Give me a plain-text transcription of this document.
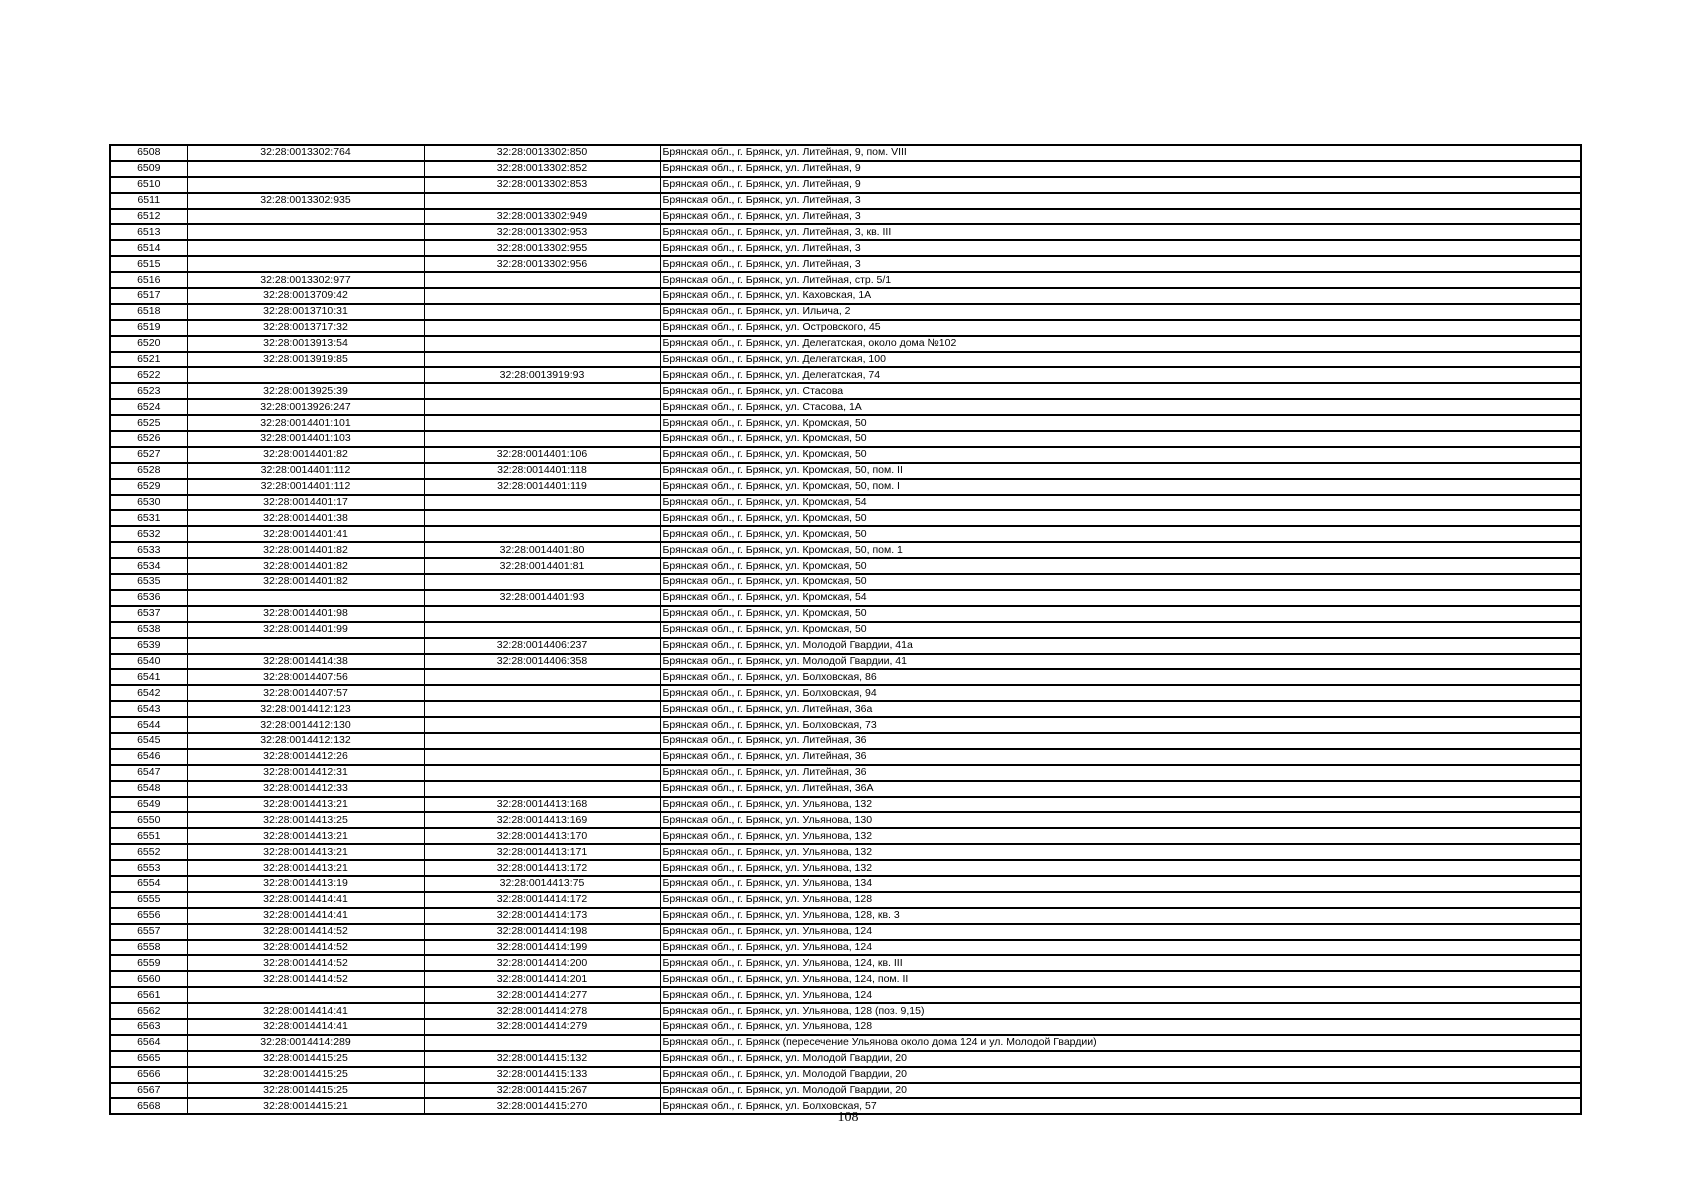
6508	32:28:0013302:764	32:28:0013302:850	Брянская обл., г. Брянск, ул. Литейная, 9, пом. VIII
6509		32:28:0013302:852	Брянская обл., г. Брянск, ул. Литейная, 9
6510		32:28:0013302:853	Брянская обл., г. Брянск, ул. Литейная, 9
6511	32:28:0013302:935		Брянская обл., г. Брянск, ул. Литейная, 3
6512		32:28:0013302:949	Брянская обл., г. Брянск, ул. Литейная, 3
6513		32:28:0013302:953	Брянская обл., г. Брянск, ул. Литейная, 3, кв. III
6514		32:28:0013302:955	Брянская обл., г. Брянск, ул. Литейная, 3
6515		32:28:0013302:956	Брянская обл., г. Брянск, ул. Литейная, 3
6516	32:28:0013302:977		Брянская обл., г. Брянск, ул. Литейная, стр. 5/1
6517	32:28:0013709:42		Брянская обл., г. Брянск, ул. Каховская, 1А
6518	32:28:0013710:31		Брянская обл., г. Брянск, ул. Ильича, 2
6519	32:28:0013717:32		Брянская обл., г. Брянск, ул. Островского, 45
6520	32:28:0013913:54		Брянская обл., г. Брянск, ул. Делегатская, около дома №102
6521	32:28:0013919:85		Брянская обл., г. Брянск, ул. Делегатская, 100
6522		32:28:0013919:93	Брянская обл., г. Брянск, ул. Делегатская, 74
6523	32:28:0013925:39		Брянская обл., г. Брянск, ул. Стасова
6524	32:28:0013926:247		Брянская обл., г. Брянск, ул. Стасова, 1А
6525	32:28:0014401:101		Брянская обл., г. Брянск, ул. Кромская, 50
6526	32:28:0014401:103		Брянская обл., г. Брянск, ул. Кромская, 50
6527	32:28:0014401:82	32:28:0014401:106	Брянская обл., г. Брянск, ул. Кромская, 50
6528	32:28:0014401:112	32:28:0014401:118	Брянская обл., г. Брянск, ул. Кромская, 50, пом. II
6529	32:28:0014401:112	32:28:0014401:119	Брянская обл., г. Брянск, ул. Кромская, 50, пом. I
6530	32:28:0014401:17		Брянская обл., г. Брянск, ул. Кромская, 54
6531	32:28:0014401:38		Брянская обл., г. Брянск, ул. Кромская, 50
6532	32:28:0014401:41		Брянская обл., г. Брянск, ул. Кромская, 50
6533	32:28:0014401:82	32:28:0014401:80	Брянская обл., г. Брянск, ул. Кромская, 50, пом. 1
6534	32:28:0014401:82	32:28:0014401:81	Брянская обл., г. Брянск, ул. Кромская, 50
6535	32:28:0014401:82		Брянская обл., г. Брянск, ул. Кромская, 50
6536		32:28:0014401:93	Брянская обл., г. Брянск, ул. Кромская, 54
6537	32:28:0014401:98		Брянская обл., г. Брянск, ул. Кромская, 50
6538	32:28:0014401:99		Брянская обл., г. Брянск, ул. Кромская, 50
6539		32:28:0014406:237	Брянская обл., г. Брянск, ул. Молодой Гвардии, 41а
6540	32:28:0014414:38	32:28:0014406:358	Брянская обл., г. Брянск, ул. Молодой Гвардии, 41
6541	32:28:0014407:56		Брянская обл., г. Брянск, ул. Болховская, 86
6542	32:28:0014407:57		Брянская обл., г. Брянск, ул. Болховская, 94
6543	32:28:0014412:123		Брянская обл., г. Брянск, ул. Литейная, 36а
6544	32:28:0014412:130		Брянская обл., г. Брянск, ул. Болховская, 73
6545	32:28:0014412:132		Брянская обл., г. Брянск, ул. Литейная, 36
6546	32:28:0014412:26		Брянская обл., г. Брянск, ул. Литейная, 36
6547	32:28:0014412:31		Брянская обл., г. Брянск, ул. Литейная, 36
6548	32:28:0014412:33		Брянская обл., г. Брянск, ул. Литейная, 36А
6549	32:28:0014413:21	32:28:0014413:168	Брянская обл., г. Брянск, ул. Ульянова, 132
6550	32:28:0014413:25	32:28:0014413:169	Брянская обл., г. Брянск, ул. Ульянова, 130
6551	32:28:0014413:21	32:28:0014413:170	Брянская обл., г. Брянск, ул. Ульянова, 132
6552	32:28:0014413:21	32:28:0014413:171	Брянская обл., г. Брянск, ул. Ульянова, 132
6553	32:28:0014413:21	32:28:0014413:172	Брянская обл., г. Брянск, ул. Ульянова, 132
6554	32:28:0014413:19	32:28:0014413:75	Брянская обл., г. Брянск, ул. Ульянова, 134
6555	32:28:0014414:41	32:28:0014414:172	Брянская обл., г. Брянск, ул. Ульянова, 128
6556	32:28:0014414:41	32:28:0014414:173	Брянская обл., г. Брянск, ул. Ульянова, 128, кв. 3
6557	32:28:0014414:52	32:28:0014414:198	Брянская обл., г. Брянск, ул. Ульянова, 124
6558	32:28:0014414:52	32:28:0014414:199	Брянская обл., г. Брянск, ул. Ульянова, 124
6559	32:28:0014414:52	32:28:0014414:200	Брянская обл., г. Брянск, ул. Ульянова, 124, кв. III
6560	32:28:0014414:52	32:28:0014414:201	Брянская обл., г. Брянск, ул. Ульянова, 124, пом. II
6561		32:28:0014414:277	Брянская обл., г. Брянск, ул. Ульянова, 124
6562	32:28:0014414:41	32:28:0014414:278	Брянская обл., г. Брянск, ул. Ульянова, 128 (поз. 9,15)
6563	32:28:0014414:41	32:28:0014414:279	Брянская обл., г. Брянск, ул. Ульянова, 128
6564	32:28:0014414:289		Брянская обл., г. Брянск (пересечение Ульянова около дома 124 и ул. Молодой Гвардии)
6565	32:28:0014415:25	32:28:0014415:132	Брянская обл., г. Брянск, ул. Молодой Гвардии, 20
6566	32:28:0014415:25	32:28:0014415:133	Брянская обл., г. Брянск, ул. Молодой Гвардии, 20
6567	32:28:0014415:25	32:28:0014415:267	Брянская обл., г. Брянск, ул. Молодой Гвардии, 20
6568	32:28:0014415:21	32:28:0014415:270	Брянская обл., г. Брянск, ул. Болховская, 57
108
